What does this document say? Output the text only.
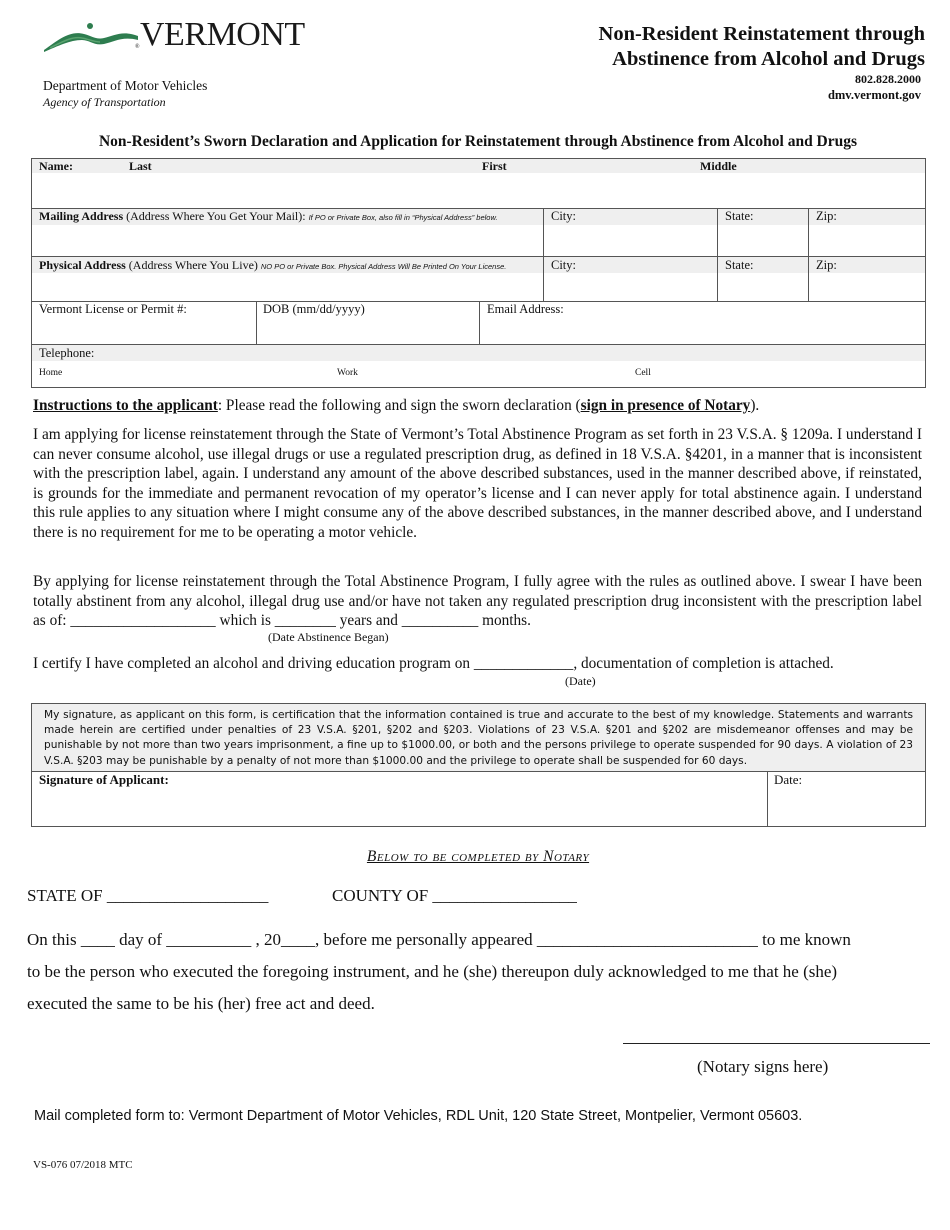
® VERMONT
Department of Motor Vehicles
Agency of Transportation
Non-Resident Reinstatement through
Abstinence from Alcohol and Drugs
802.828.2000
dmv.vermont.gov
Non-Resident’s Sworn Declaration and Application for Reinstatement through Abstinence from Alcohol and Drugs
Name:	Last	First	Middle
Mailing Address (Address Where You Get Your Mail): If PO or Private Box, also fill in “Physical Address” below.	City:	State:	Zip:
Physical Address (Address Where You Live) NO PO or Private Box. Physical Address Will Be Printed On Your License.	City:	State:	Zip:
Vermont License or Permit #:	DOB (mm/dd/yyyy)	Email Address:
Telephone:
Home	Work	Cell
Instructions to the applicant: Please read the following and sign the sworn declaration (sign in presence of Notary).
I am applying for license reinstatement through the State of Vermont’s Total Abstinence Program as set forth in 23 V.S.A. § 1209a. I understand I can never consume alcohol, use illegal drugs or use a regulated prescription drug, as defined in 18 V.S.A. §4201, in a manner that is inconsistent with the prescription label, again. I understand any amount of the above described substances, used in the manner described above, if reinstated, is grounds for the immediate and permanent revocation of my operator’s license and I can never apply for total abstinence again. I understand this rule applies to any situation where I might consume any of the above described substances, in the manner described above, and I understand there is no requirement for me to be operating a motor vehicle.
By applying for license reinstatement through the Total Abstinence Program, I fully agree with the rules as outlined above. I swear I have been totally abstinent from any alcohol, illegal drug use and/or have not taken any regulated prescription drug inconsistent with the prescription label as of: ___________________ which is ________ years and __________ months.
(Date Abstinence Began)
I certify I have completed an alcohol and driving education program on _____________, documentation of completion is attached.
(Date)
My signature, as applicant on this form, is certification that the information contained is true and accurate to the best of my knowledge. Statements and warrants made herein are certified under penalties of 23 V.S.A. §201, §202 and §203. Violations of 23 V.S.A. §201 and §202 are misdemeanor offenses and may be punishable by not more than two years imprisonment, a fine up to $1000.00, or both and the persons privilege to operate suspended for 90 days. A violation of 23 V.S.A. §203 may be punishable by a penalty of not more than $1000.00 and the privilege to operate shall be suspended for 60 days.
Signature of Applicant:	Date:
Below to be completed by Notary
STATE OF ___________________	COUNTY OF _________________
On this ____ day of __________ , 20____, before me personally appeared __________________________ to me known
to be the person who executed the foregoing instrument, and he (she) thereupon duly acknowledged to me that he (she)
executed the same to be his (her) free act and deed.
(Notary signs here)
Mail completed form to: Vermont Department of Motor Vehicles, RDL Unit, 120 State Street, Montpelier, Vermont 05603.
VS-076 07/2018 MTC
